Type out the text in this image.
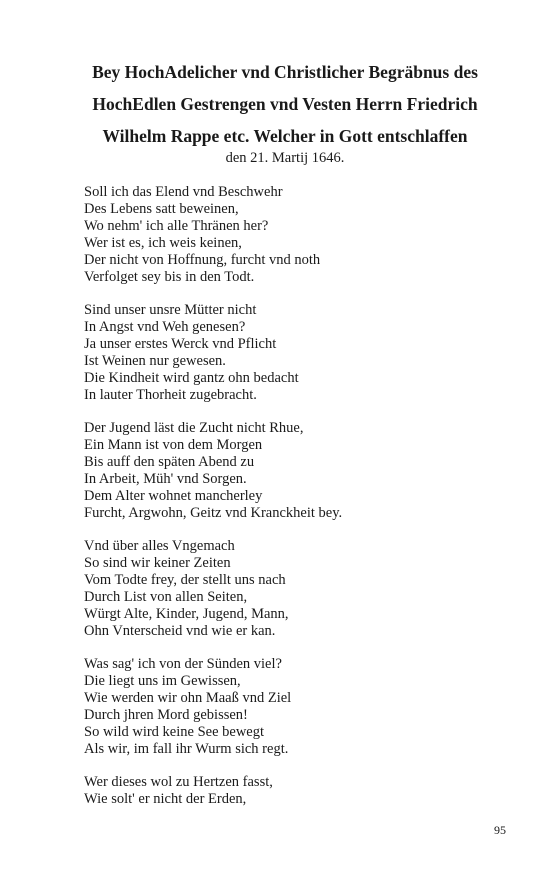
Bey HochAdelicher vnd Christlicher Begräbnus des
HochEdlen Gestrengen vnd Vesten Herrn Friedrich
Wilhelm Rappe etc. Welcher in Gott entschlaffen

den 21. Martij 1646.

Soll ich das Elend vnd Beschwehr
Des Lebens satt beweinen,
Wo nehm' ich alle Thränen her?
Wer ist es, ich weis keinen,
Der nicht von Hoffnung, furcht vnd noth
Verfolget sey bis in den Todt.
Sind unser unsre Mütter nicht
In Angst vnd Weh genesen?
Ja unser erstes Werck vnd Pflicht
Ist Weinen nur gewesen.
Die Kindheit wird gantz ohn bedacht
In lauter Thorheit zugebracht.
Der Jugend läst die Zucht nicht Rhue,
Ein Mann ist von dem Morgen
Bis auff den späten Abend zu
In Arbeit, Müh' vnd Sorgen.
Dem Alter wohnet mancherley
Furcht, Argwohn, Geitz vnd Kranckheit bey.
Vnd über alles Vngemach
So sind wir keiner Zeiten
Vom Todte frey, der stellt uns nach
Durch List von allen Seiten,
Würgt Alte, Kinder, Jugend, Mann,
Ohn Vnterscheid vnd wie er kan.
Was sag' ich von der Sünden viel?
Die liegt uns im Gewissen,
Wie werden wir ohn Maaß vnd Ziel
Durch jhren Mord gebissen!
So wild wird keine See bewegt
Als wir, im fall ihr Wurm sich regt.
Wer dieses wol zu Hertzen fasst,
Wie solt' er nicht der Erden,
95
